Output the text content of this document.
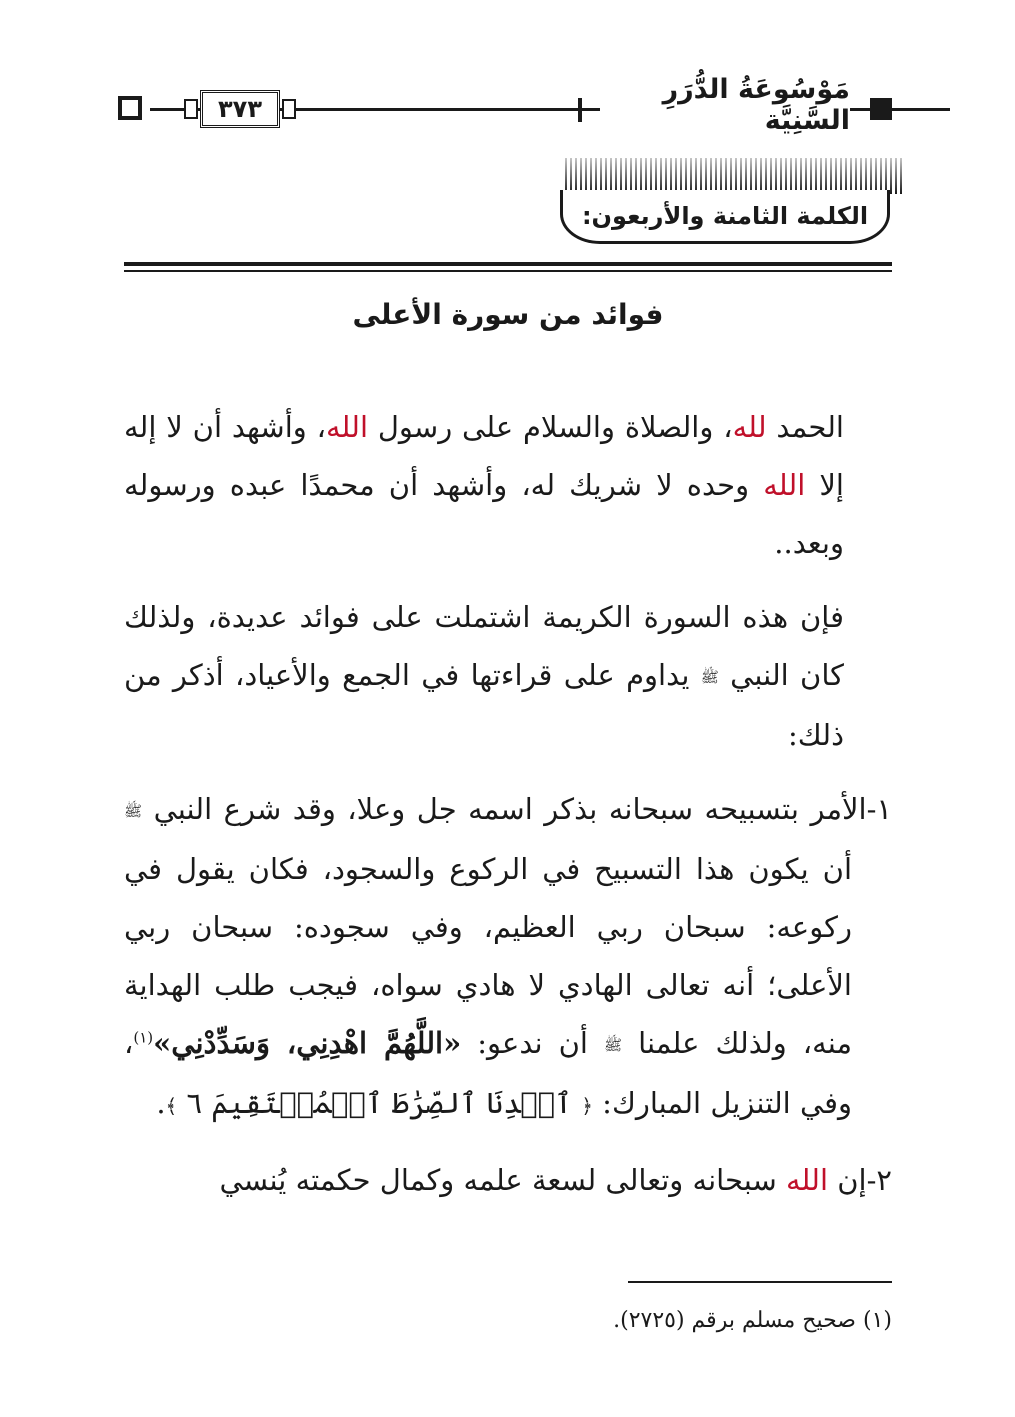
٣٧٣
مَوْسُوعَةُ الدُّرَرِ السَّنِيَّة
الكلمة الثامنة والأربعون:
فوائد من سورة الأعلى

الحمد لله، والصلاة والسلام على رسول الله، وأشهد أن لا إله إلا الله وحده لا شريك له، وأشهد أن محمدًا عبده ورسوله وبعد..

فإن هذه السورة الكريمة اشتملت على فوائد عديدة، ولذلك كان النبي ﷺ يداوم على قراءتها في الجمع والأعياد، أذكر من ذلك:

١-الأمر بتسبيحه سبحانه بذكر اسمه جل وعلا، وقد شرع النبي ﷺ أن يكون هذا التسبيح في الركوع والسجود، فكان يقول في ركوعه: سبحان ربي العظيم، وفي سجوده: سبحان ربي الأعلى؛ أنه تعالى الهادي لا هادي سواه، فيجب طلب الهداية منه، ولذلك علمنا ﷺ أن ندعو: «اللَّهُمَّ اهْدِنِي، وَسَدِّدْنِي»$^{(١)}$، وفي التنزيل المبارك: ﴿ ٱهۡدِنَا ٱلصِّرَٰطَ ٱلۡمُسۡتَقِيمَ ٦ ﴾.

٢-إن الله سبحانه وتعالى لسعة علمه وكمال حكمته يُنسي

(١) صحيح مسلم برقم (٢٧٢٥).
